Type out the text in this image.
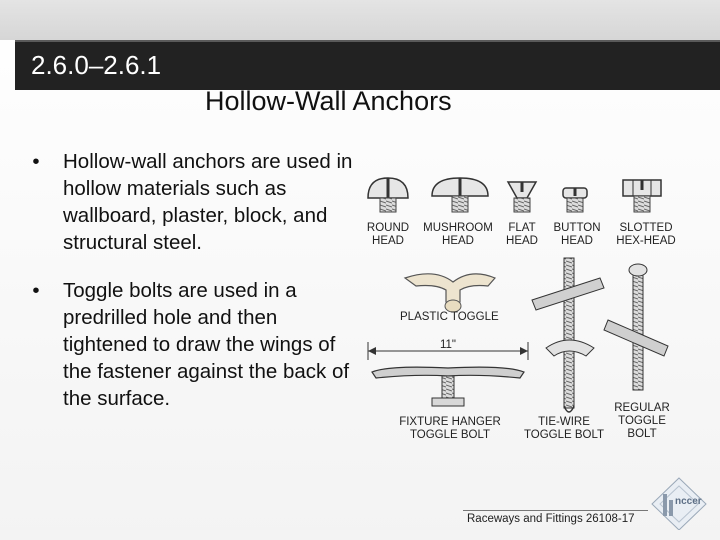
2.6.0–2.6.1
Hollow-Wall Anchors
• Hollow-wall anchors are used in hollow materials such as wallboard, plaster, block, and structural steel.
• Toggle bolts are used in a predrilled hole and then tightened to draw the wings of the fastener against the back of the surface.
ROUND
HEAD
MUSHROOM
HEAD
FLAT
HEAD
BUTTON
HEAD
SLOTTED
HEX-HEAD
PLASTIC TOGGLE
11"
FIXTURE HANGER
TOGGLE BOLT
TIE-WIRE
TOGGLE BOLT
REGULAR
TOGGLE
BOLT
Raceways and Fittings 26108-17
nccer
